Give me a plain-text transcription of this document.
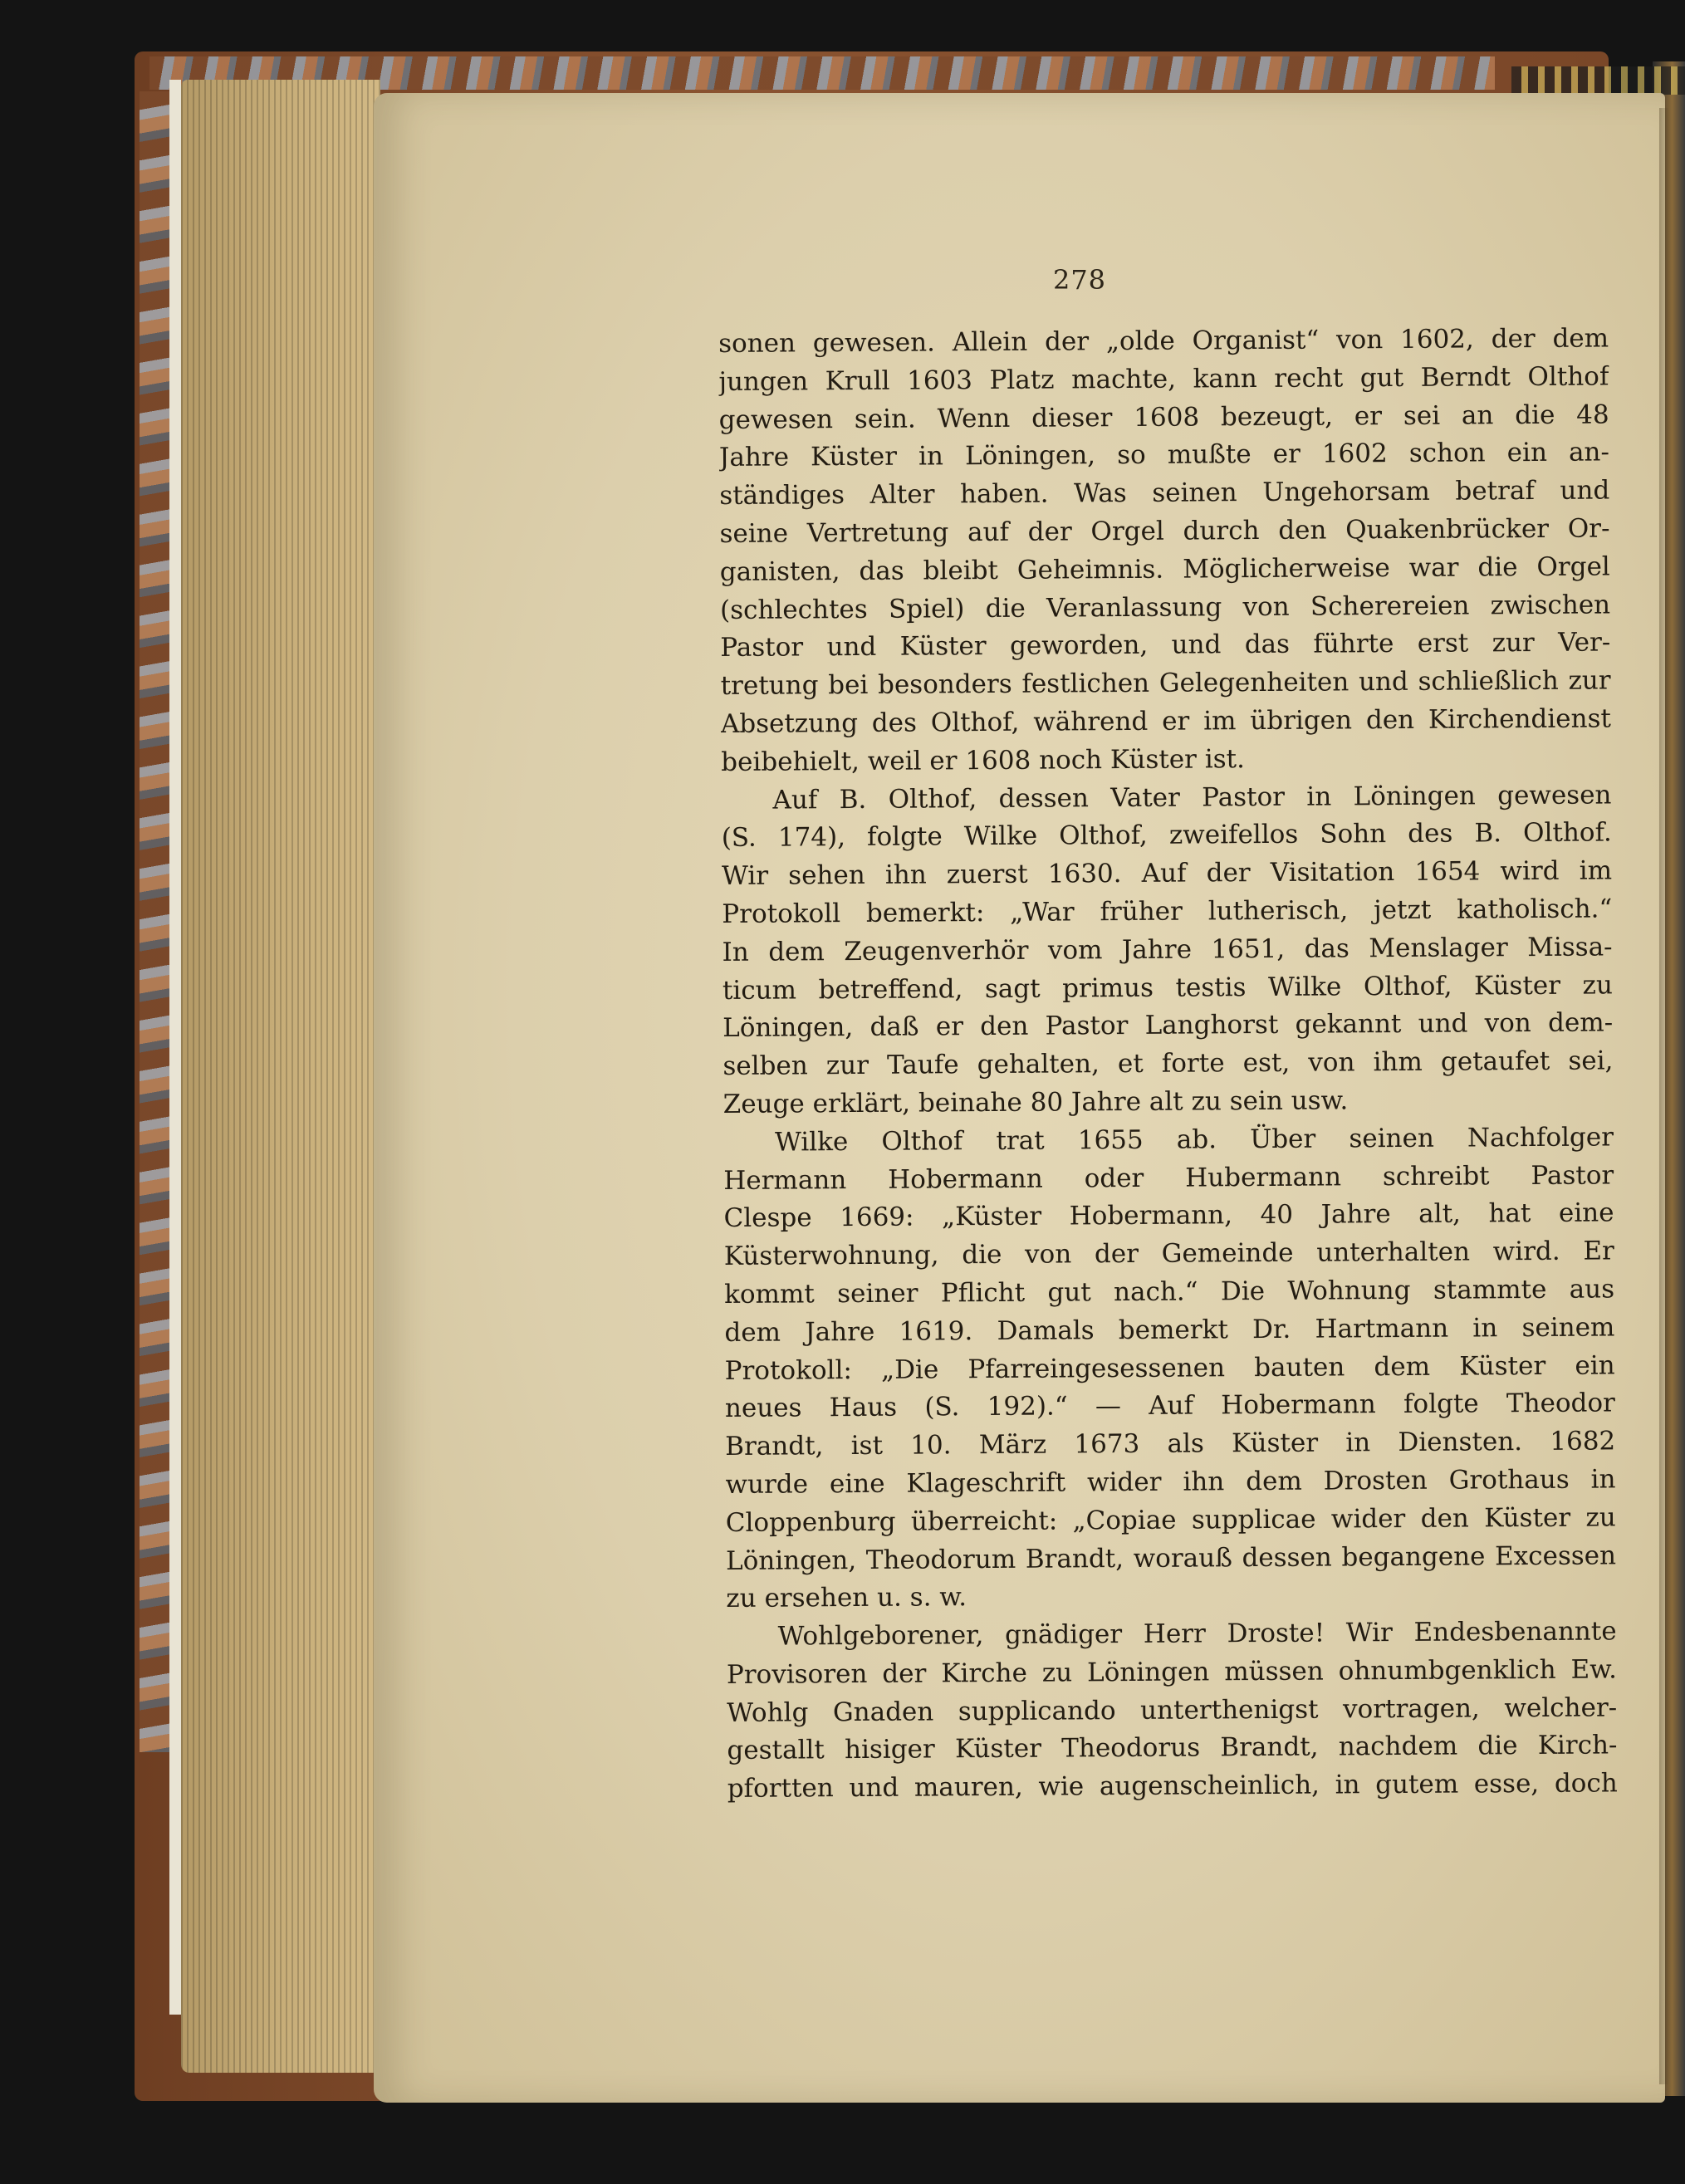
278
sonen gewesen. Allein der „olde Organist“ von 1602, der dem
jungen Krull 1603 Platz machte, kann recht gut Berndt Olthof
gewesen sein. Wenn dieser 1608 bezeugt, er sei an die 48
Jahre Küster in Löningen, so mußte er 1602 schon ein an-
ständiges Alter haben. Was seinen Ungehorsam betraf und
seine Vertretung auf der Orgel durch den Quakenbrücker Or-
ganisten, das bleibt Geheimnis. Möglicherweise war die Orgel
(schlechtes Spiel) die Veranlassung von Scherereien zwischen
Pastor und Küster geworden, und das führte erst zur Ver-
tretung bei besonders festlichen Gelegenheiten und schließlich zur
Absetzung des Olthof, während er im übrigen den Kirchendienst
beibehielt, weil er 1608 noch Küster ist.
Auf B. Olthof, dessen Vater Pastor in Löningen gewesen
(S. 174), folgte Wilke Olthof, zweifellos Sohn des B. Olthof.
Wir sehen ihn zuerst 1630. Auf der Visitation 1654 wird im
Protokoll bemerkt: „War früher lutherisch, jetzt katholisch.“
In dem Zeugenverhör vom Jahre 1651, das Menslager Missa-
ticum betreffend, sagt primus testis Wilke Olthof, Küster zu
Löningen, daß er den Pastor Langhorst gekannt und von dem-
selben zur Taufe gehalten, et forte est, von ihm getaufet sei,
Zeuge erklärt, beinahe 80 Jahre alt zu sein usw.
Wilke Olthof trat 1655 ab. Über seinen Nachfolger
Hermann Hobermann oder Hubermann schreibt Pastor
Clespe 1669: „Küster Hobermann, 40 Jahre alt, hat eine
Küsterwohnung, die von der Gemeinde unterhalten wird. Er
kommt seiner Pflicht gut nach.“ Die Wohnung stammte aus
dem Jahre 1619. Damals bemerkt Dr. Hartmann in seinem
Protokoll: „Die Pfarreingesessenen bauten dem Küster ein
neues Haus (S. 192).“ — Auf Hobermann folgte Theodor
Brandt, ist 10. März 1673 als Küster in Diensten. 1682
wurde eine Klageschrift wider ihn dem Drosten Grothaus in
Cloppenburg überreicht: „Copiae supplicae wider den Küster zu
Löningen, Theodorum Brandt, worauß dessen begangene Excessen
zu ersehen u. s. w.
Wohlgeborener, gnädiger Herr Droste! Wir Endesbenannte
Provisoren der Kirche zu Löningen müssen ohnumbgenklich Ew.
Wohlg Gnaden supplicando unterthenigst vortragen, welcher-
gestallt hisiger Küster Theodorus Brandt, nachdem die Kirch-
pfortten und mauren, wie augenscheinlich, in gutem esse, doch
